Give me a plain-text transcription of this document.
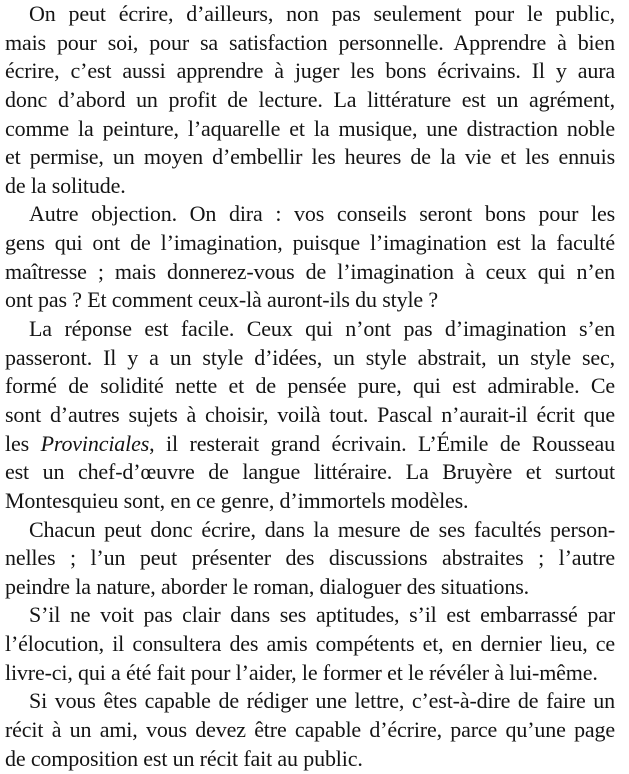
On peut écrire, d’ailleurs, non pas seulement pour le public,
mais pour soi, pour sa satisfaction personnelle. Apprendre à bien
écrire, c’est aussi apprendre à juger les bons écrivains. Il y aura
donc d’abord un profit de lecture. La littérature est un agrément,
comme la peinture, l’aquarelle et la musique, une distraction noble
et permise, un moyen d’embellir les heures de la vie et les ennuis
de la solitude.
Autre objection. On dira : vos conseils seront bons pour les
gens qui ont de l’imagination, puisque l’imagination est la faculté
maîtresse ; mais donnerez-vous de l’imagination à ceux qui n’en
ont pas ? Et comment ceux-là auront-ils du style ?
La réponse est facile. Ceux qui n’ont pas d’imagination s’en
passeront. Il y a un style d’idées, un style abstrait, un style sec,
formé de solidité nette et de pensée pure, qui est admirable. Ce
sont d’autres sujets à choisir, voilà tout. Pascal n’aurait-il écrit que
les Provinciales, il resterait grand écrivain. L’Émile de Rousseau
est un chef-d’œuvre de langue littéraire. La Bruyère et surtout
Montesquieu sont, en ce genre, d’immortels modèles.
Chacun peut donc écrire, dans la mesure de ses facultés person-
nelles ; l’un peut présenter des discussions abstraites ; l’autre
peindre la nature, aborder le roman, dialoguer des situations.
S’il ne voit pas clair dans ses aptitudes, s’il est embarrassé par
l’élocution, il consultera des amis compétents et, en dernier lieu, ce
livre-ci, qui a été fait pour l’aider, le former et le révéler à lui-même.
Si vous êtes capable de rédiger une lettre, c’est-à-dire de faire un
récit à un ami, vous devez être capable d’écrire, parce qu’une page
de composition est un récit fait au public.
